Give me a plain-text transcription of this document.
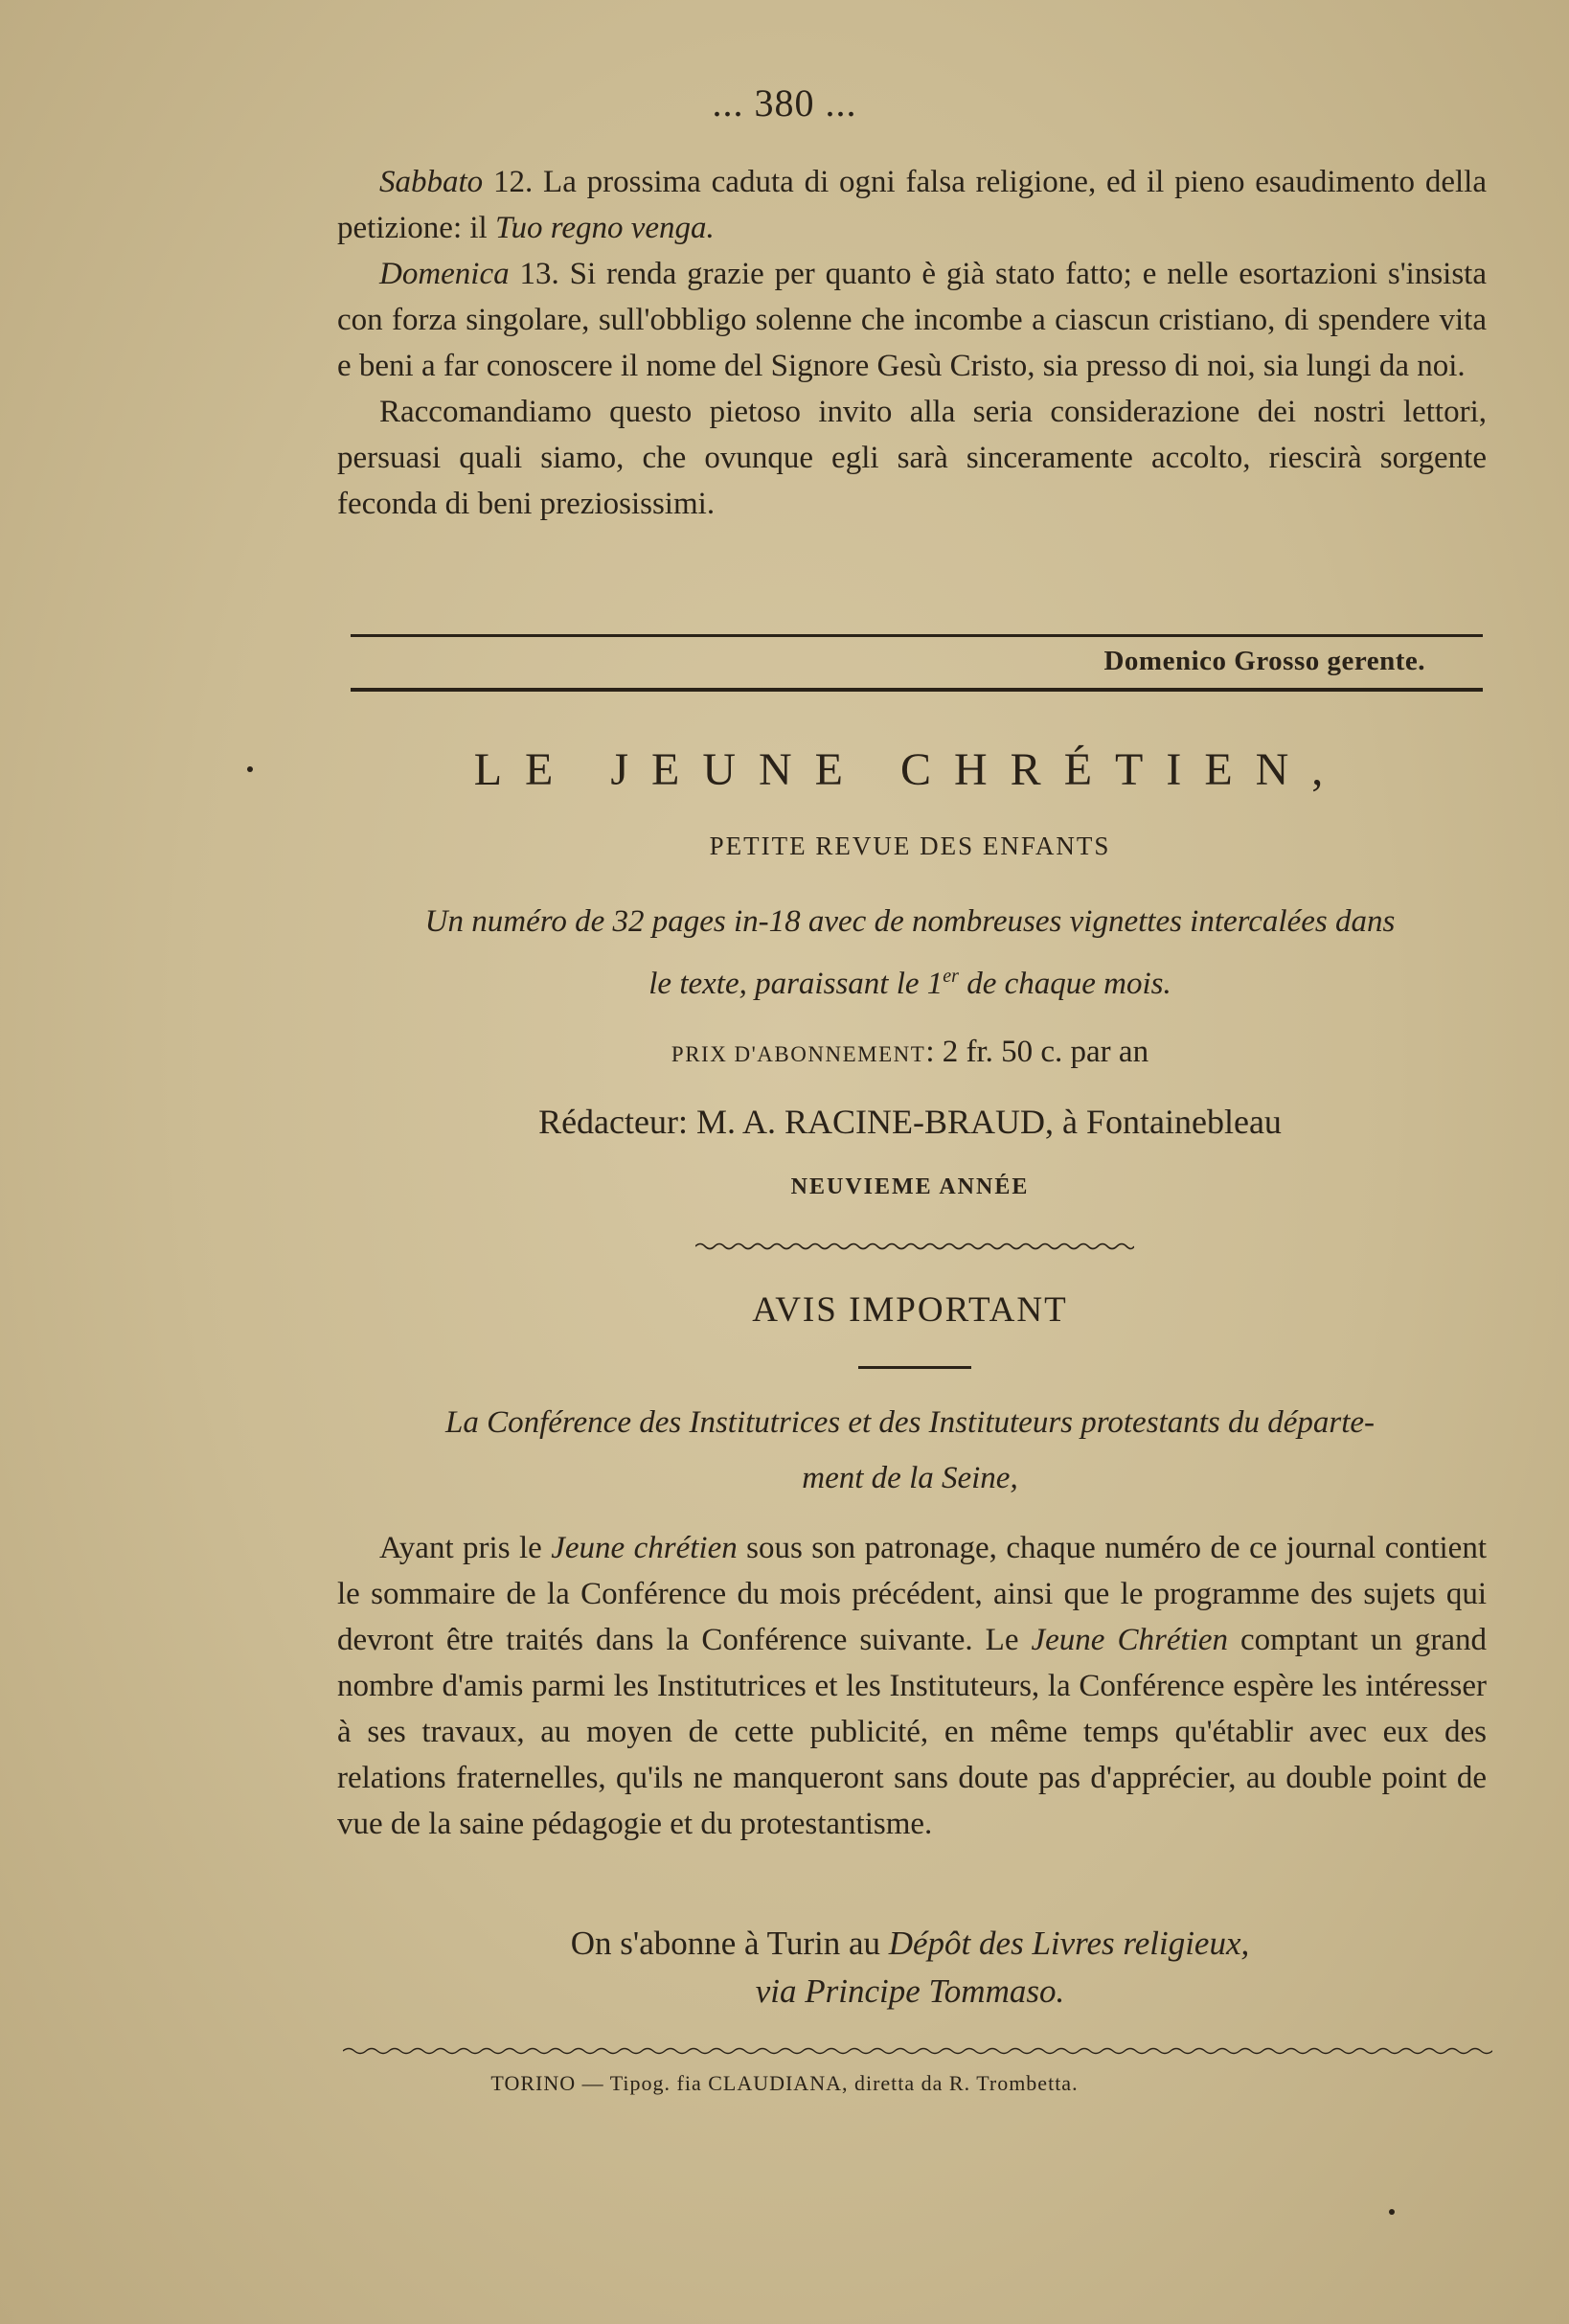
... 380 ...

Sabbato 12. La prossima caduta di ogni falsa religione, ed il pieno esaudimento della petizione: il Tuo regno venga.

Domenica 13. Si renda grazie per quanto è già stato fatto; e nelle esortazioni s'insista con forza singolare, sull'obbligo solenne che incombe a ciascun cristiano, di spendere vita e beni a far conoscere il nome del Signore Gesù Cristo, sia presso di noi, sia lungi da noi.

Raccomandiamo questo pietoso invito alla seria considerazione dei nostri lettori, persuasi quali siamo, che ovunque egli sarà sinceramente accolto, riescirà sorgente feconda di beni preziosissimi.

Domenico Grosso gerente.
LE JEUNE CHRÉTIEN,
PETITE REVUE DES ENFANTS
Un numéro de 32 pages in-18 avec de nombreuses vignettes intercalées dans
le texte, paraissant le 1er de chaque mois.
PRIX D'ABONNEMENT: 2 fr. 50 c. par an
Rédacteur: M. A. RACINE-BRAUD, à Fontainebleau
NEUVIEME ANNÉE
AVIS IMPORTANT
La Conférence des Institutrices et des Instituteurs protestants du départe-
ment de la Seine,

Ayant pris le Jeune chrétien sous son patronage, chaque numéro de ce journal contient le sommaire de la Conférence du mois précédent, ainsi que le programme des sujets qui devront être traités dans la Conférence suivante. Le Jeune Chrétien comptant un grand nombre d'amis parmi les Institutrices et les Instituteurs, la Conférence espère les intéresser à ses travaux, au moyen de cette publicité, en même temps qu'établir avec eux des relations fraternelles, qu'ils ne manqueront sans doute pas d'apprécier, au double point de vue de la saine pédagogie et du protestantisme.

On s'abonne à Turin au Dépôt des Livres religieux,
via Principe Tommaso.
TORINO — Tipog. fia CLAUDIANA, diretta da R. Trombetta.
